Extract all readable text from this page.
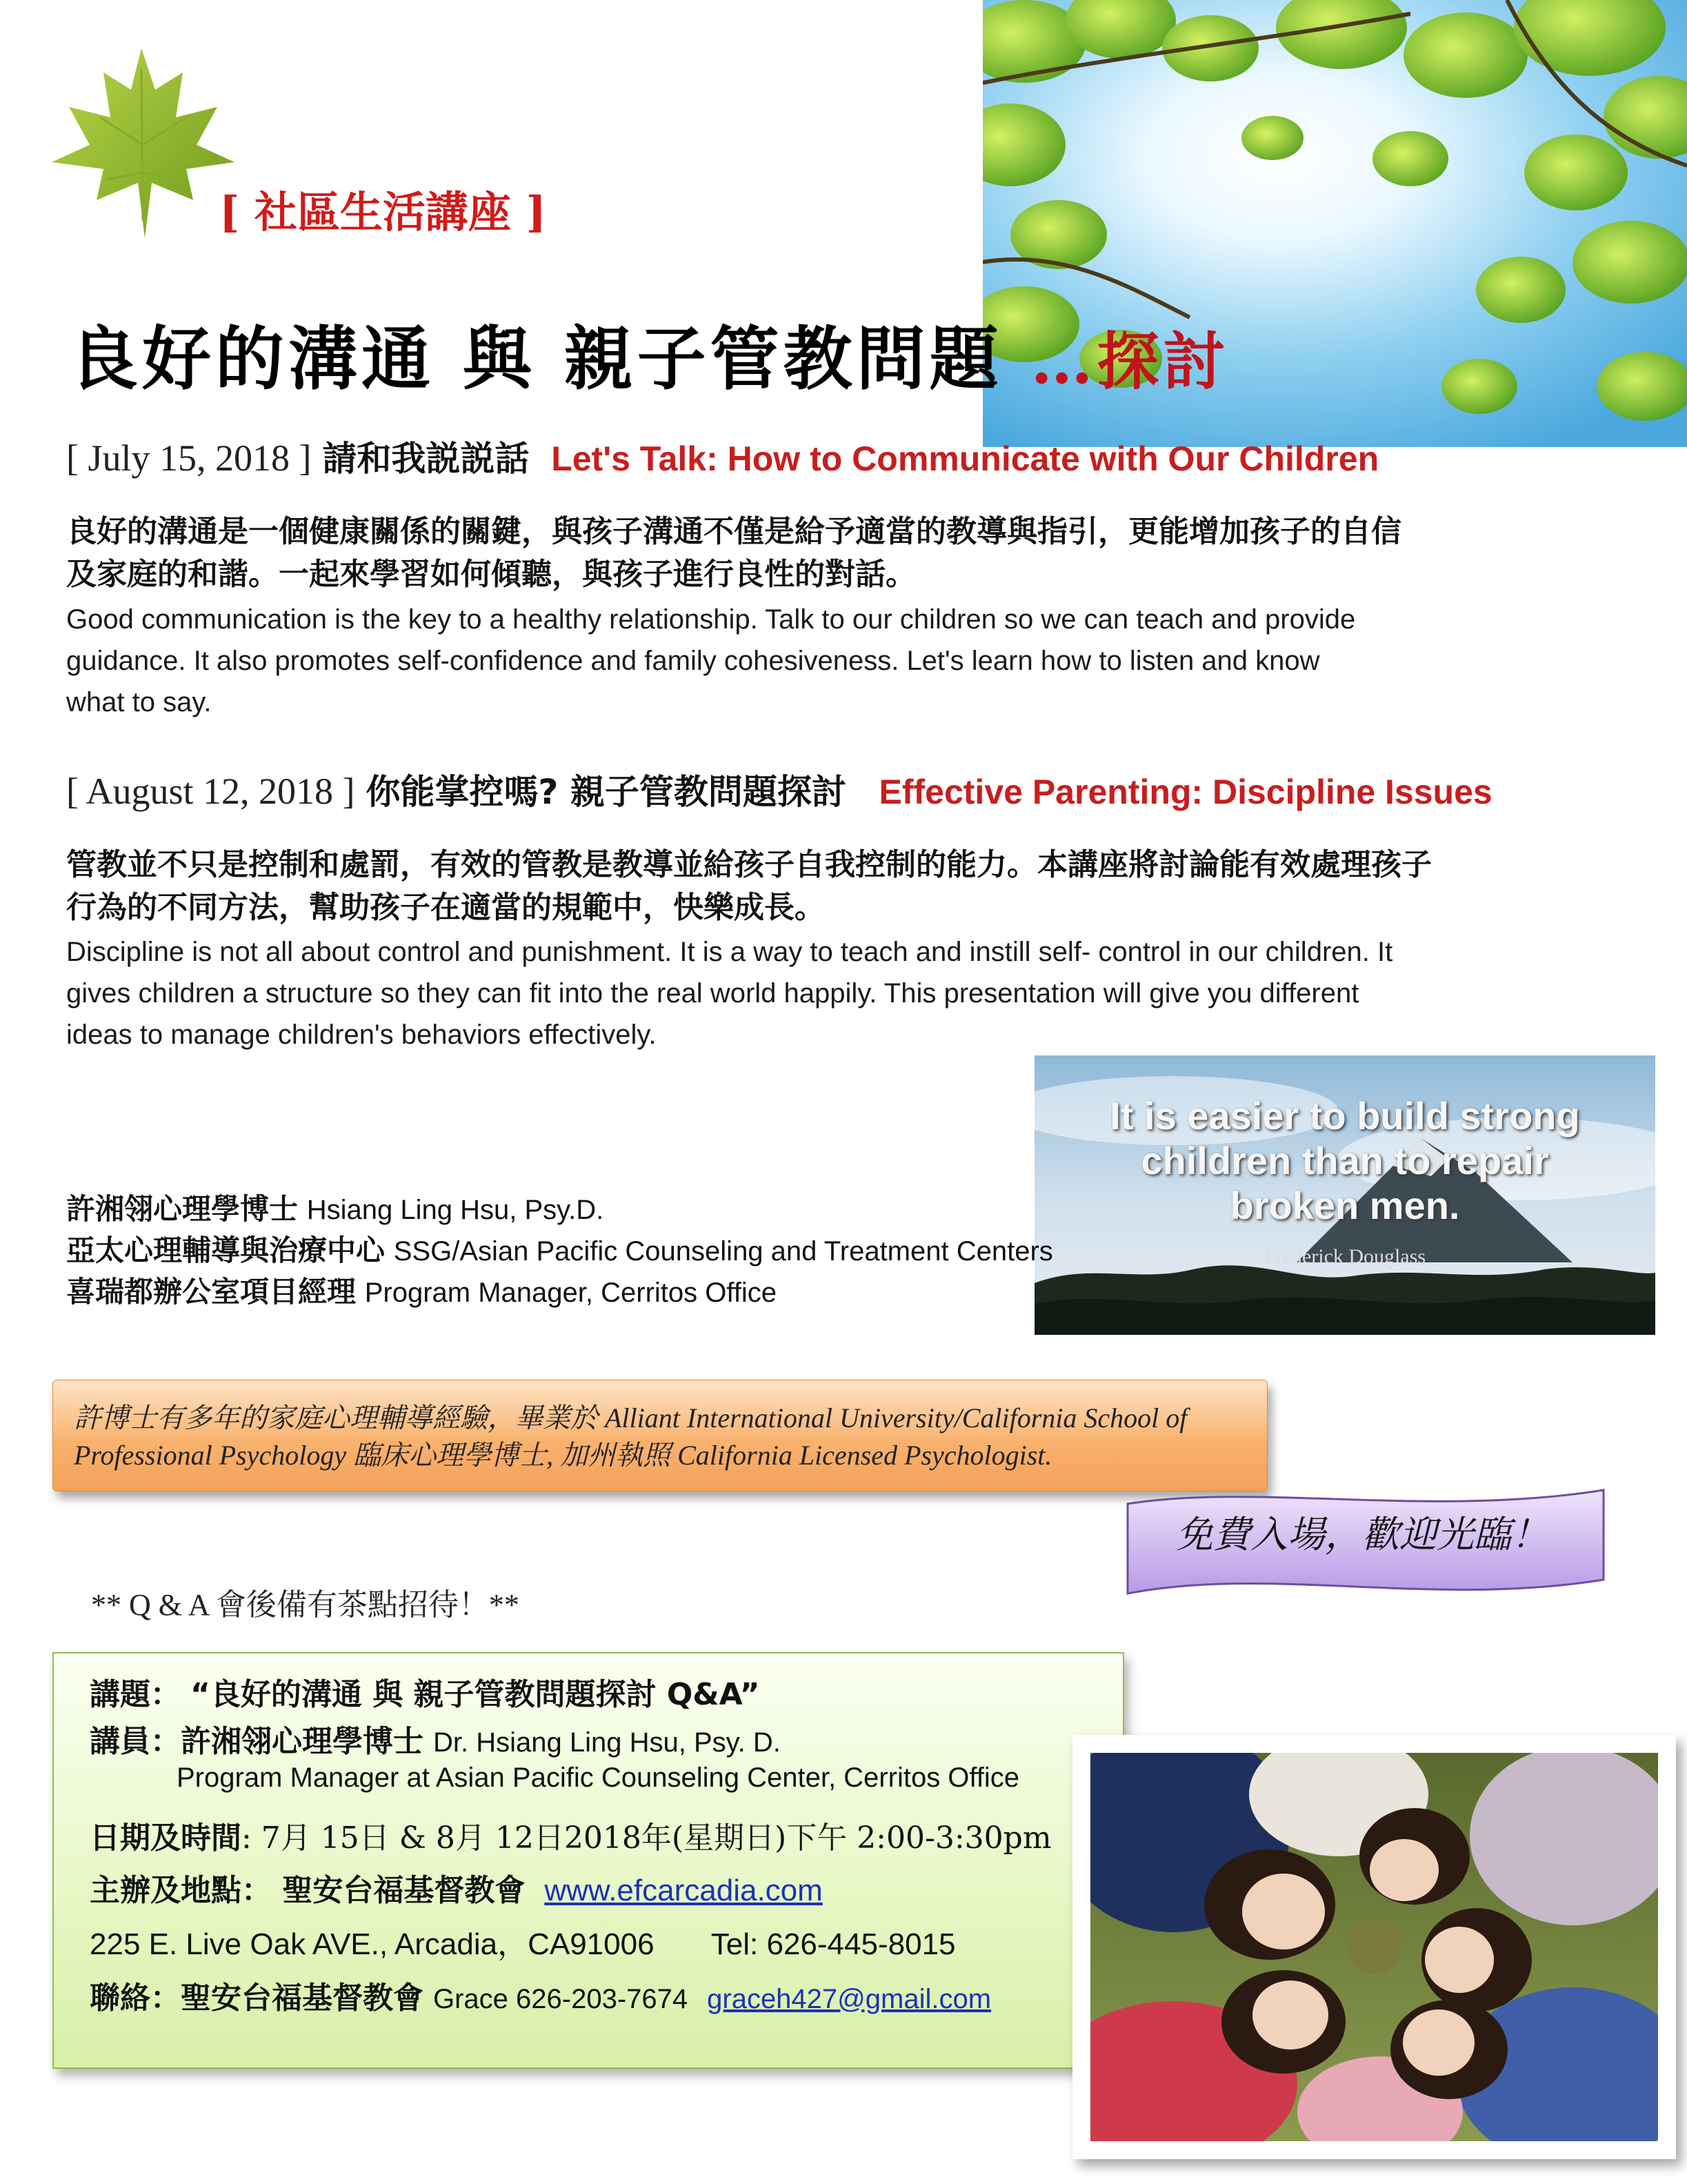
[ 社區生活講座 ]
良好的溝通 與 親子管教問題 …探討
[ July 15, 2018 ] 請和我説説話 Let's Talk: How to Communicate with Our Children
良好的溝通是一個健康關係的關鍵，與孩子溝通不僅是給予適當的教導與指引，更能增加孩子的自信
及家庭的和諧。一起來學習如何傾聽，與孩子進行良性的對話。
Good communication is the key to a healthy relationship. Talk to our children so we can teach and provide
guidance. It also promotes self-confidence and family cohesiveness. Let's learn how to listen and know
what to say.
[ August 12, 2018 ] 你能掌控嗎? 親子管教問題探討 Effective Parenting: Discipline Issues
管教並不只是控制和處罰，有效的管教是教導並給孩子自我控制的能力。本講座將討論能有效處理孩子
行為的不同方法，幫助孩子在適當的規範中，快樂成長。
Discipline is not all about control and punishment. It is a way to teach and instill self- control in our children. It
gives children a structure so they can fit into the real world happily. This presentation will give you different
ideas to manage children's behaviors effectively.
It is easier to build strong
children than to repair
broken men.
Frederick Douglass
許湘翎心理學博士 Hsiang Ling Hsu, Psy.D.
亞太心理輔導與治療中心 SSG/Asian Pacific Counseling and Treatment Centers
喜瑞都辦公室項目經理 Program Manager, Cerritos Office
許博士有多年的家庭心理輔導經驗，畢業於 Alliant International University/California School of
Professional Psychology 臨床心理學博士, 加州執照 California Licensed Psychologist.
免費入場，歡迎光臨！
** Q & A 會後備有茶點招待！**
講題： “良好的溝通 與 親子管教問題探討 Q&A”
講員：許湘翎心理學博士 Dr. Hsiang Ling Hsu, Psy. D.
Program Manager at Asian Pacific Counseling Center, Cerritos Office
日期及時間: 7月 15日 & 8月 12日2018年(星期日)下午 2:00-3:30pm
主辦及地點： 聖安台福基督教會 www.efcarcadia.com
225 E. Live Oak AVE., Arcadia，CA91006 Tel: 626-445-8015
聯絡：聖安台福基督教會 Grace 626-203-7674 graceh427@gmail.com
